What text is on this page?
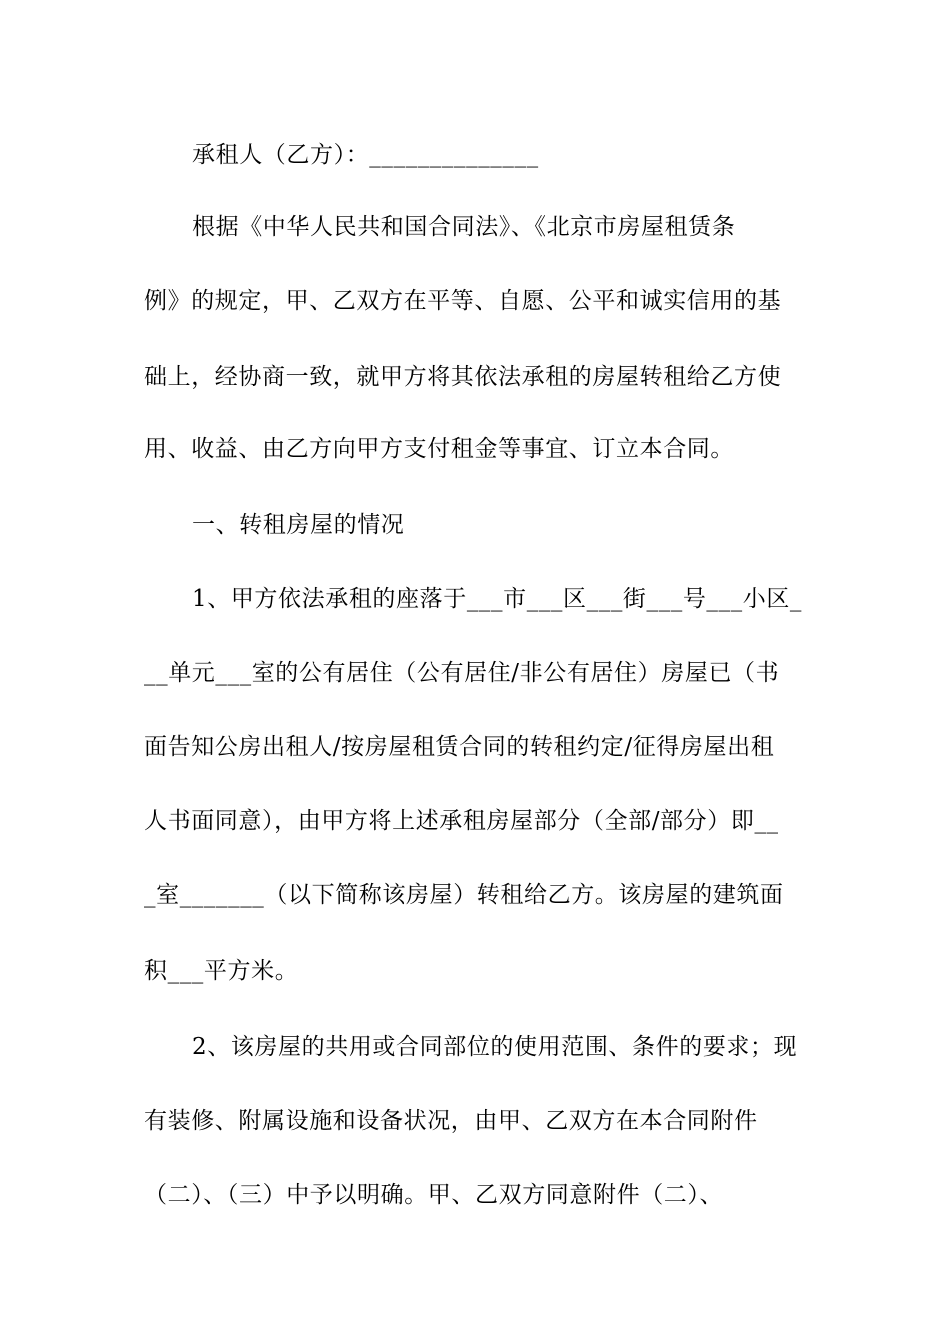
承租人（乙方）：______________
根据《中华人民共和国合同法》、《北京市房屋租赁条
例》的规定，甲、乙双方在平等、自愿、公平和诚实信用的基
础上，经协商一致，就甲方将其依法承租的房屋转租给乙方使
用、收益、由乙方向甲方支付租金等事宜、订立本合同。
一、转租房屋的情况
1、甲方依法承租的座落于___市___区___街___号___小区_
__单元___室的公有居住（公有居住/非公有居住）房屋已（书
面告知公房出租人/按房屋租赁合同的转租约定/征得房屋出租
人书面同意），由甲方将上述承租房屋部分（全部/部分）即__
_室_______（以下简称该房屋）转租给乙方。该房屋的建筑面
积___平方米。
2、该房屋的共用或合同部位的使用范围、条件的要求；现
有装修、附属设施和设备状况，由甲、乙双方在本合同附件
（二）、（三）中予以明确。甲、乙双方同意附件（二）、
